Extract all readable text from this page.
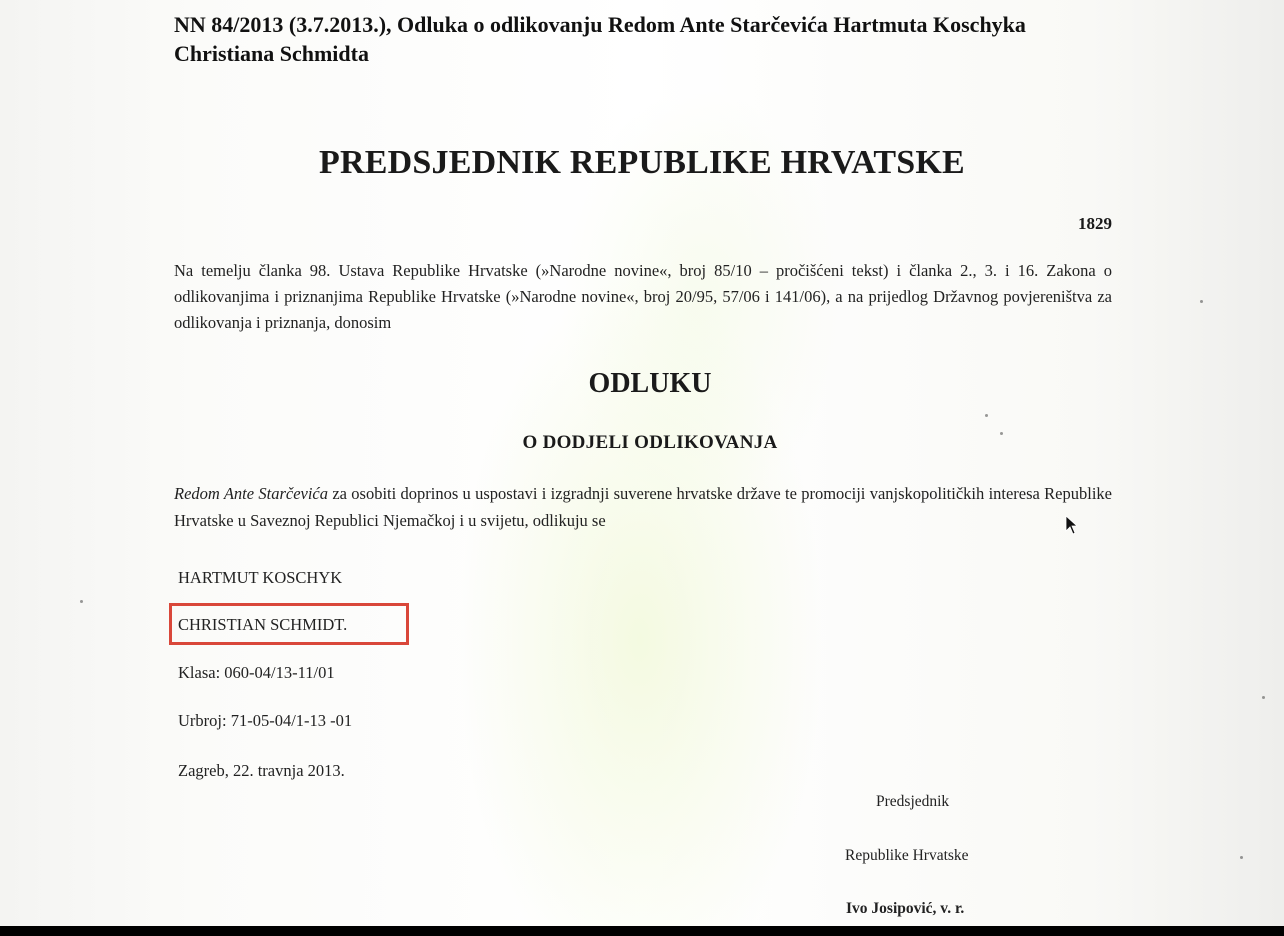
NN 84/2013 (3.7.2013.), Odluka o odlikovanju Redom Ante Starčevića Hartmuta Koschyka
Christiana Schmidta
PREDSJEDNIK REPUBLIKE HRVATSKE
1829
Na temelju članka 98. Ustava Republike Hrvatske (»Narodne novine«, broj 85/10 – pročišćeni tekst) i članka 2., 3. i 16. Zakona o odlikovanjima i priznanjima Republike Hrvatske (»Narodne novine«, broj 20/95, 57/06 i 141/06), a na prijedlog Državnog povjereništva za odlikovanja i priznanja, donosim
ODLUKU
O DODJELI ODLIKOVANJA
Redom Ante Starčevića za osobiti doprinos u uspostavi i izgradnji suverene hrvatske države te promociji vanjskopolitičkih interesa Republike Hrvatske u Saveznoj Republici Njemačkoj i u svijetu, odlikuju se
HARTMUT KOSCHYK
CHRISTIAN SCHMIDT.
Klasa: 060-04/13-11/01
Urbroj: 71-05-04/1-13 -01
Zagreb, 22. travnja 2013.
Predsjednik
Republike Hrvatske
Ivo Josipović, v. r.
